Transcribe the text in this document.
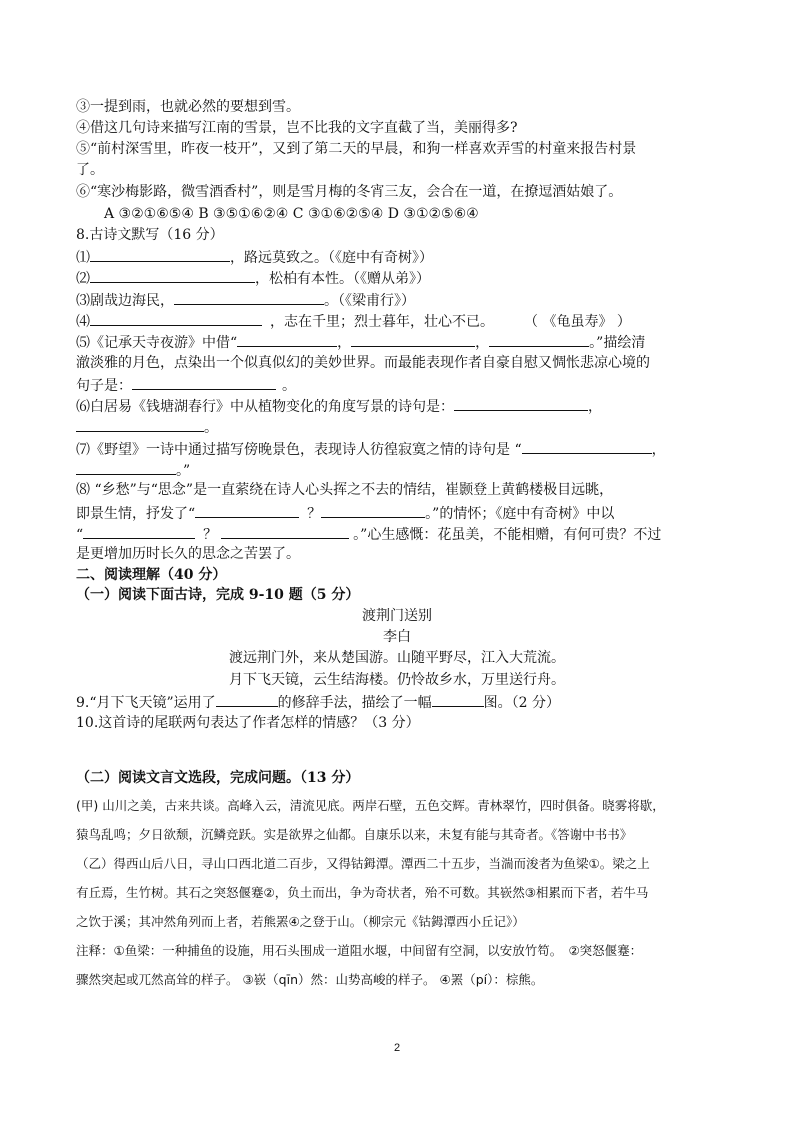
③一提到雨，也就必然的要想到雪。
④借这几句诗来描写江南的雪景，岂不比我的文字直截了当，美丽得多?
⑤“前村深雪里，昨夜一枝开”，又到了第二天的早晨，和狗一样喜欢弄雪的村童来报告村景
了。
⑥“寒沙梅影路，微雪酒香村”，则是雪月梅的冬宵三友，会合在一道，在撩逗酒姑娘了。
A ③②①⑥⑤④ B ③⑤①⑥②④ C ③①⑥②⑤④ D ③①②⑤⑥④
8.古诗文默写（16 分）
⑴	，路远莫致之。（《庭中有奇树》）
⑵	，松柏有本性。（《赠从弟》）
⑶剧哉边海民，	。（《梁甫行》）
⑷	，志在千里；烈士暮年，壮心不已。 （ 《龟虽寿》 ）
⑸《记承天寺夜游》中借“	，	，	。”描绘清
澈淡雅的月色，点染出一个似真似幻的美妙世界。而最能表现作者自豪自慰又惆怅悲凉心境的
句子是：	。
⑹白居易《钱塘湖春行》中从植物变化的角度写景的诗句是：	，
。
⑺《野望》一诗中通过描写傍晚景色，表现诗人彷徨寂寞之情的诗句是 “	，
。”
⑻ “乡愁”与“思念”是一直萦绕在诗人心头挥之不去的情结，崔颢登上黄鹤楼极目远眺，
即景生情，抒发了“	？	。”的情怀；《庭中有奇树》中以
“	？	。”心生感慨：花虽美，不能相赠，有何可贵？不过
是更增加历时长久的思念之苦罢了。
二、阅读理解（40 分）
（一）阅读下面古诗，完成 9-10 题（5 分）
渡荆门送别
李白
渡远荆门外，来从楚国游。山随平野尽，江入大荒流。
月下飞天镜，云生结海楼。仍怜故乡水，万里送行舟。
9.“月下飞天镜”运用了	的修辞手法，描绘了一幅	图。（2 分）
10.这首诗的尾联两句表达了作者怎样的情感？（3 分）
（二）阅读文言文选段，完成问题。（13 分）
(甲) 山川之美，古来共谈。高峰入云，清流见底。两岸石壁，五色交辉。青林翠竹，四时俱备。晓雾将歇，
猿鸟乱鸣；夕日欲颓，沉鳞竞跃。实是欲界之仙都。自康乐以来，未复有能与其奇者。《答谢中书书》
（乙）得西山后八日，寻山口西北道二百步，又得钴鉧潭。潭西二十五步，当湍而浚者为鱼梁①。梁之上
有丘焉，生竹树。其石之突怒偃蹇②，负土而出，争为奇状者，殆不可数。其嵚然③相累而下者，若牛马
之饮于溪；其冲然角列而上者，若熊罴④之登于山。（柳宗元《钴鉧潭西小丘记》）
注释：①鱼梁：一种捕鱼的设施，用石头围成一道阻水堰，中间留有空洞，以安放竹笱。　②突怒偃蹇：
骤然突起或兀然高耸的样子。 ③嵚（qīn）然：山势高峻的样子。 ④罴（pí）：棕熊。
2
